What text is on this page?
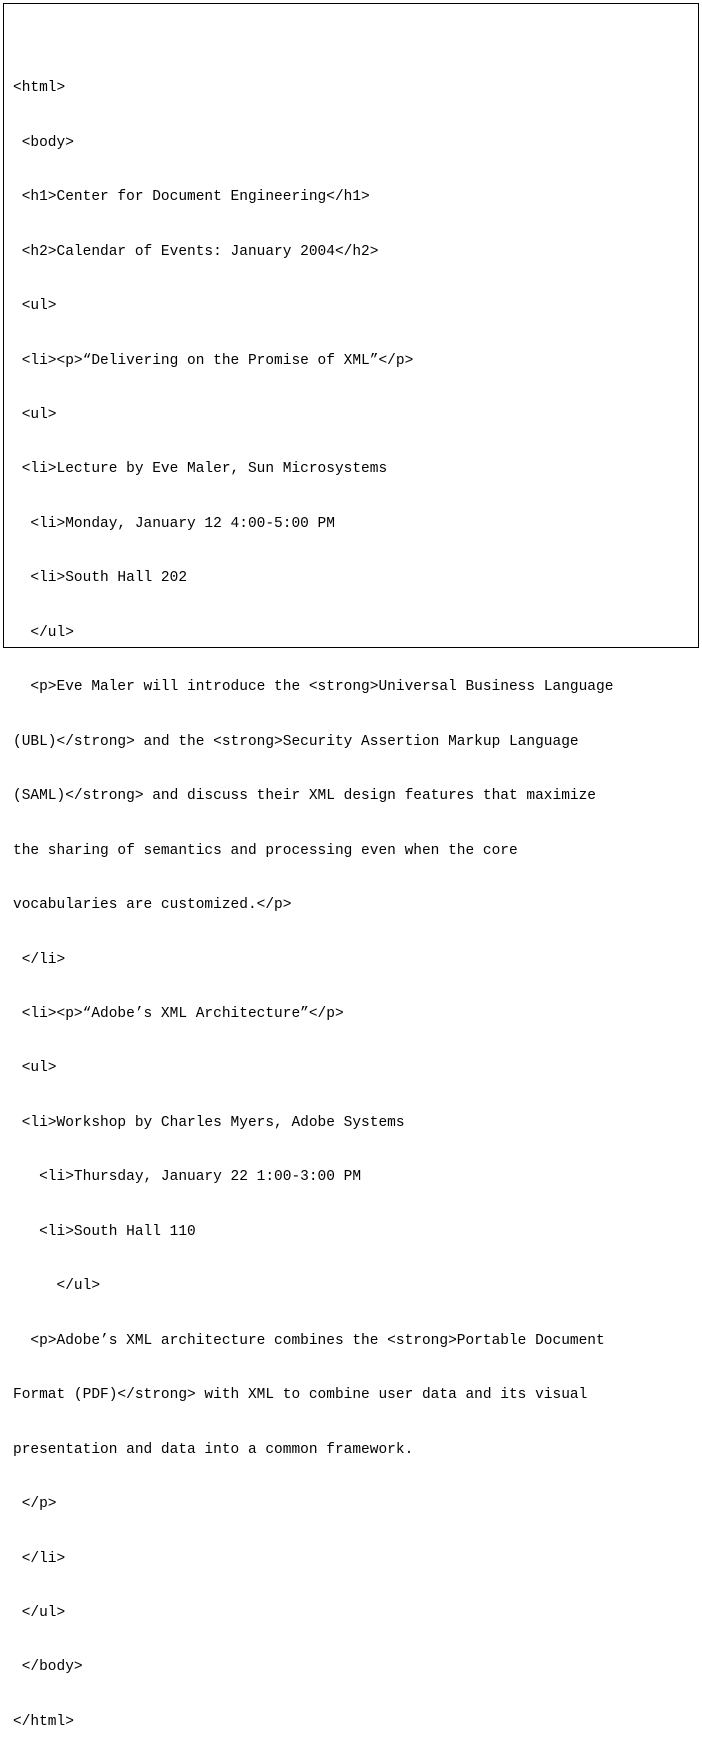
<html>

<body>

<h1>Center for Document Engineering</h1>

<h2>Calendar of Events: January 2004</h2>

<ul>

<li><p>“Delivering on the Promise of XML”</p>

<ul>

<li>Lecture by Eve Maler, Sun Microsystems

<li>Monday, January 12 4:00-5:00 PM

<li>South Hall 202

</ul>

<p>Eve Maler will introduce the <strong>Universal Business Language

(UBL)</strong> and the <strong>Security Assertion Markup Language

(SAML)</strong> and discuss their XML design features that maximize

the sharing of semantics and processing even when the core

vocabularies are customized.</p>

</li>

<li><p>“Adobe’s XML Architecture”</p>

<ul>

<li>Workshop by Charles Myers, Adobe Systems

<li>Thursday, January 22 1:00-3:00 PM

<li>South Hall 110

</ul>

<p>Adobe’s XML architecture combines the <strong>Portable Document

Format (PDF)</strong> with XML to combine user data and its visual

presentation and data into a common framework.

</p>

</li>

</ul>

</body>

</html>
